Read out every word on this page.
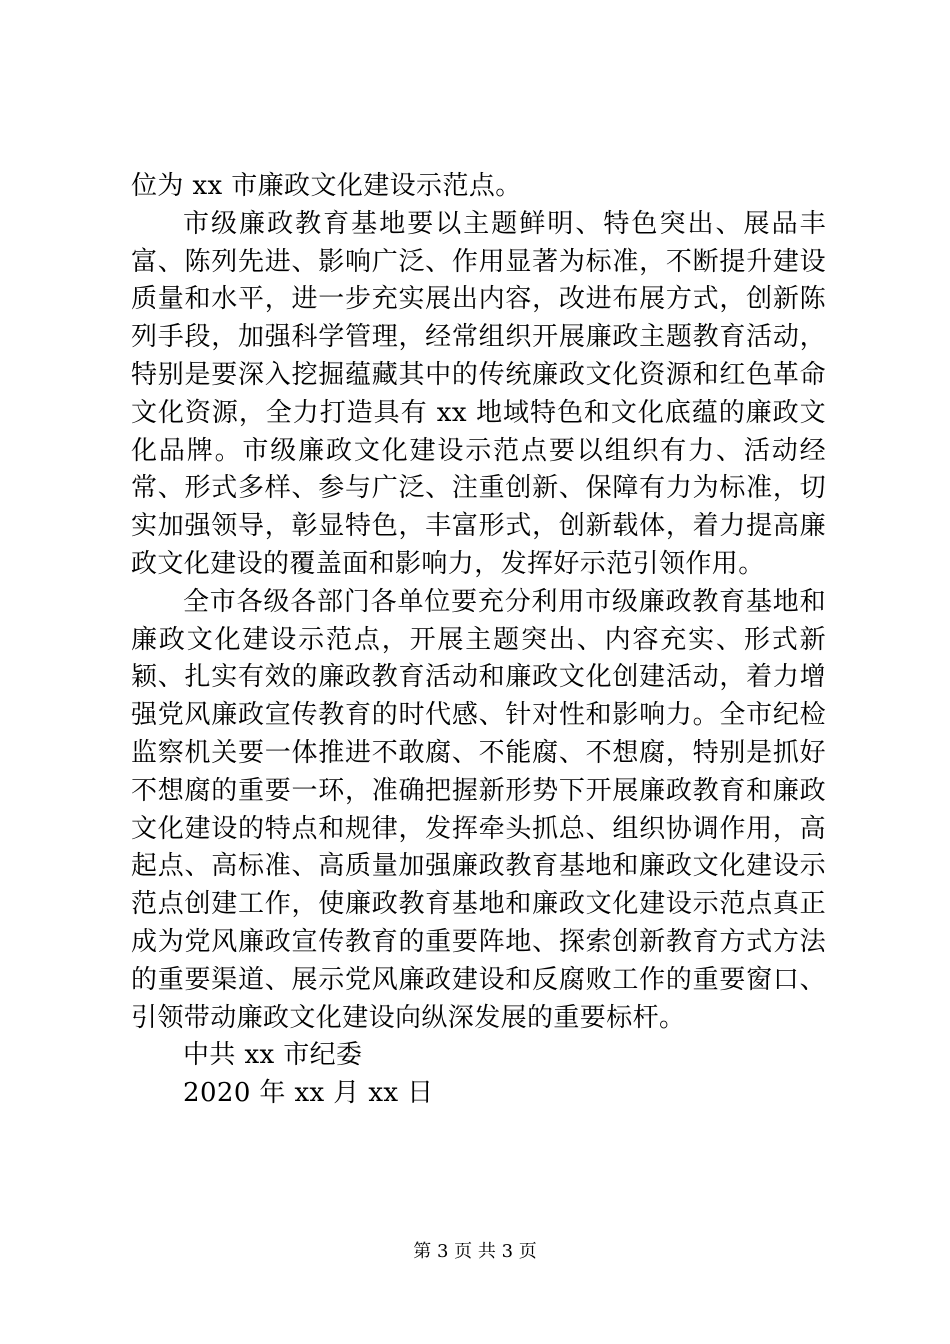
位为 xx 市廉政文化建设示范点。

市级廉政教育基地要以主题鲜明、特色突出、展品丰富、陈列先进、影响广泛、作用显著为标准，不断提升建设质量和水平，进一步充实展出内容，改进布展方式，创新陈列手段，加强科学管理，经常组织开展廉政主题教育活动，特别是要深入挖掘蕴藏其中的传统廉政文化资源和红色革命文化资源，全力打造具有 xx 地域特色和文化底蕴的廉政文化品牌。市级廉政文化建设示范点要以组织有力、活动经常、形式多样、参与广泛、注重创新、保障有力为标准，切实加强领导，彰显特色，丰富形式，创新载体，着力提高廉政文化建设的覆盖面和影响力，发挥好示范引领作用。

全市各级各部门各单位要充分利用市级廉政教育基地和廉政文化建设示范点，开展主题突出、内容充实、形式新颖、扎实有效的廉政教育活动和廉政文化创建活动，着力增强党风廉政宣传教育的时代感、针对性和影响力。全市纪检监察机关要一体推进不敢腐、不能腐、不想腐，特别是抓好不想腐的重要一环，准确把握新形势下开展廉政教育和廉政文化建设的特点和规律，发挥牵头抓总、组织协调作用，高起点、高标准、高质量加强廉政教育基地和廉政文化建设示范点创建工作，使廉政教育基地和廉政文化建设示范点真正成为党风廉政宣传教育的重要阵地、探索创新教育方式方法的重要渠道、展示党风廉政建设和反腐败工作的重要窗口、引领带动廉政文化建设向纵深发展的重要标杆。

中共 xx 市纪委

2020 年 xx 月 xx 日

第 3 页 共 3 页
